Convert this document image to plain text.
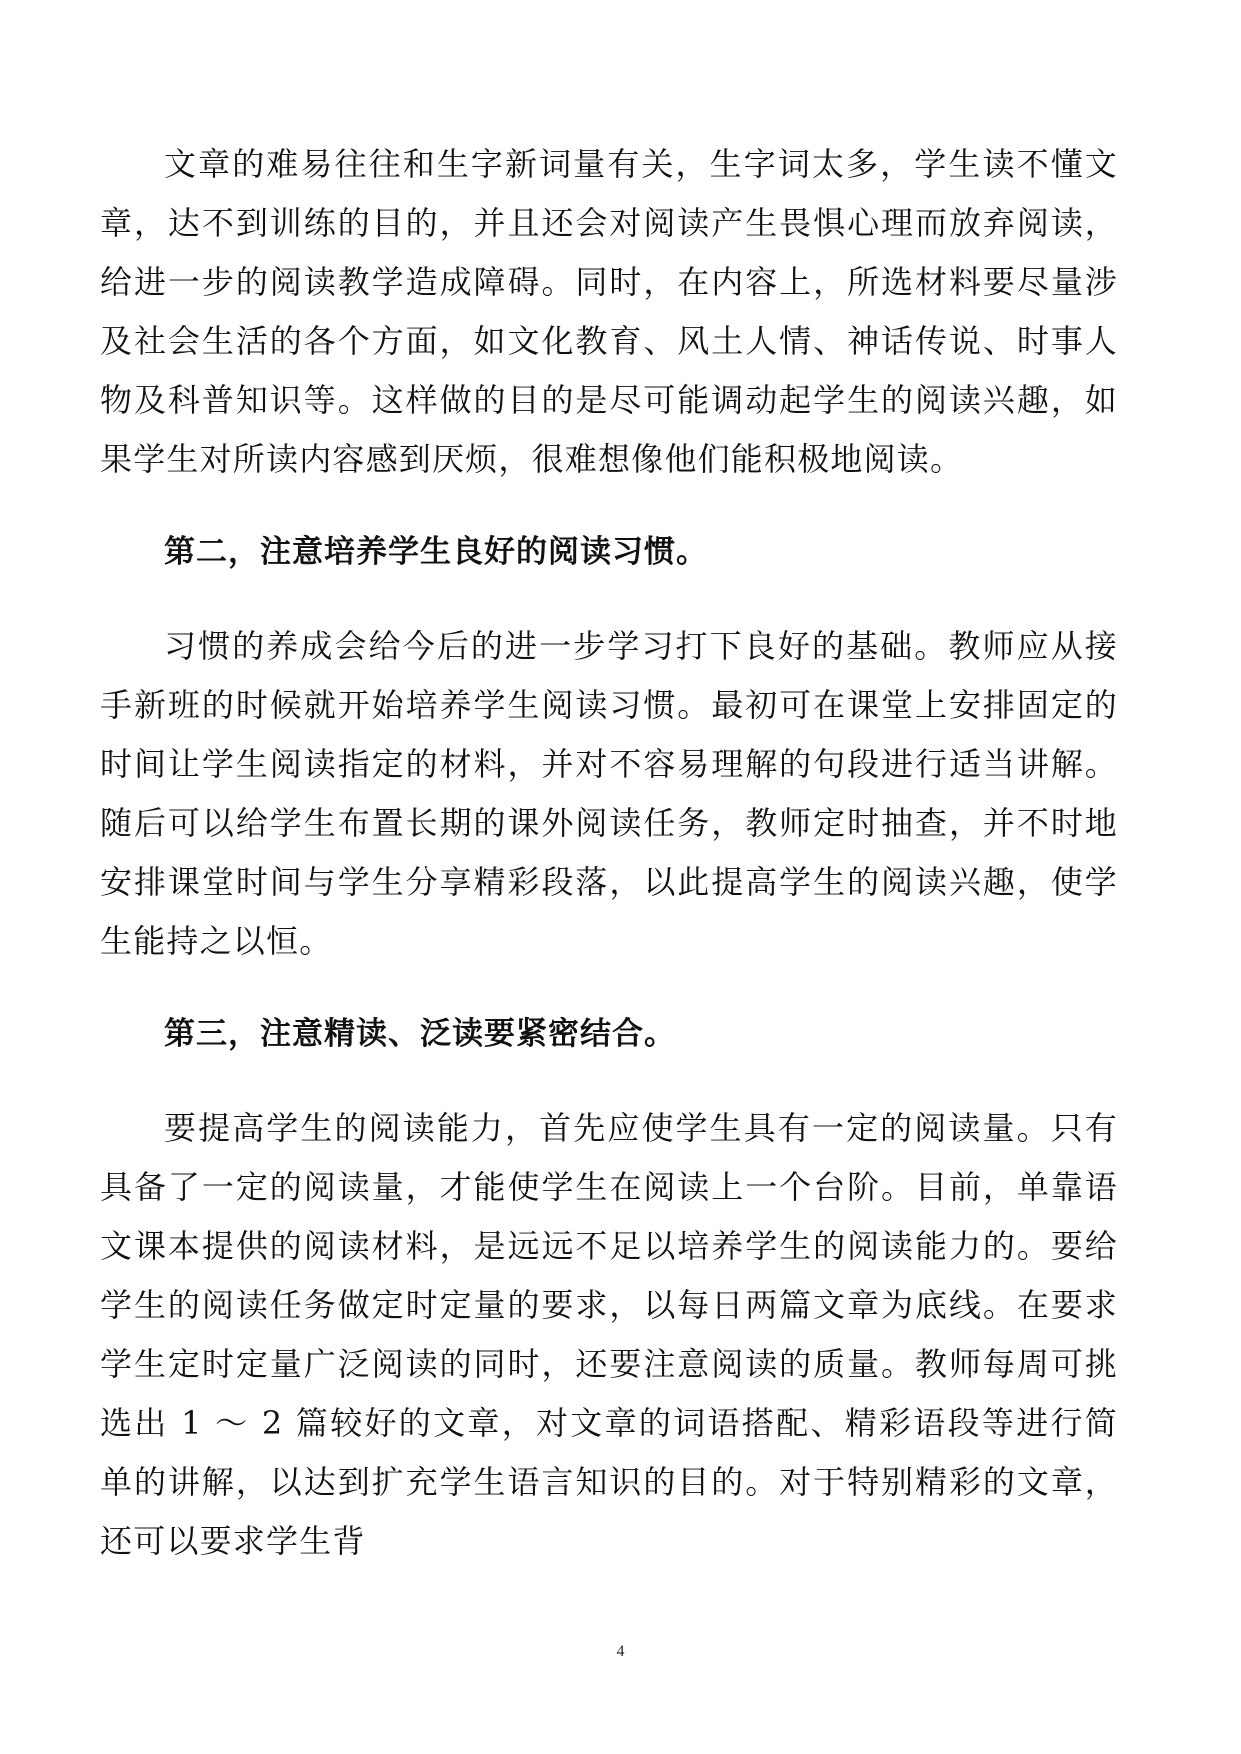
文章的难易往往和生字新词量有关，生字词太多，学生读不懂文章，达不到训练的目的，并且还会对阅读产生畏惧心理而放弃阅读，给进一步的阅读教学造成障碍。同时，在内容上，所选材料要尽量涉及社会生活的各个方面，如文化教育、风土人情、神话传说、时事人物及科普知识等。这样做的目的是尽可能调动起学生的阅读兴趣，如果学生对所读内容感到厌烦，很难想像他们能积极地阅读。

第二，注意培养学生良好的阅读习惯。

习惯的养成会给今后的进一步学习打下良好的基础。教师应从接手新班的时候就开始培养学生阅读习惯。最初可在课堂上安排固定的时间让学生阅读指定的材料，并对不容易理解的句段进行适当讲解。随后可以给学生布置长期的课外阅读任务，教师定时抽查，并不时地安排课堂时间与学生分享精彩段落，以此提高学生的阅读兴趣，使学生能持之以恒。

第三，注意精读、泛读要紧密结合。

要提高学生的阅读能力，首先应使学生具有一定的阅读量。只有具备了一定的阅读量，才能使学生在阅读上一个台阶。目前，单靠语文课本提供的阅读材料，是远远不足以培养学生的阅读能力的。要给学生的阅读任务做定时定量的要求，以每日两篇文章为底线。在要求学生定时定量广泛阅读的同时，还要注意阅读的质量。教师每周可挑选出 1 ～ 2 篇较好的文章，对文章的词语搭配、精彩语段等进行简单的讲解，以达到扩充学生语言知识的目的。对于特别精彩的文章，还可以要求学生背

4
